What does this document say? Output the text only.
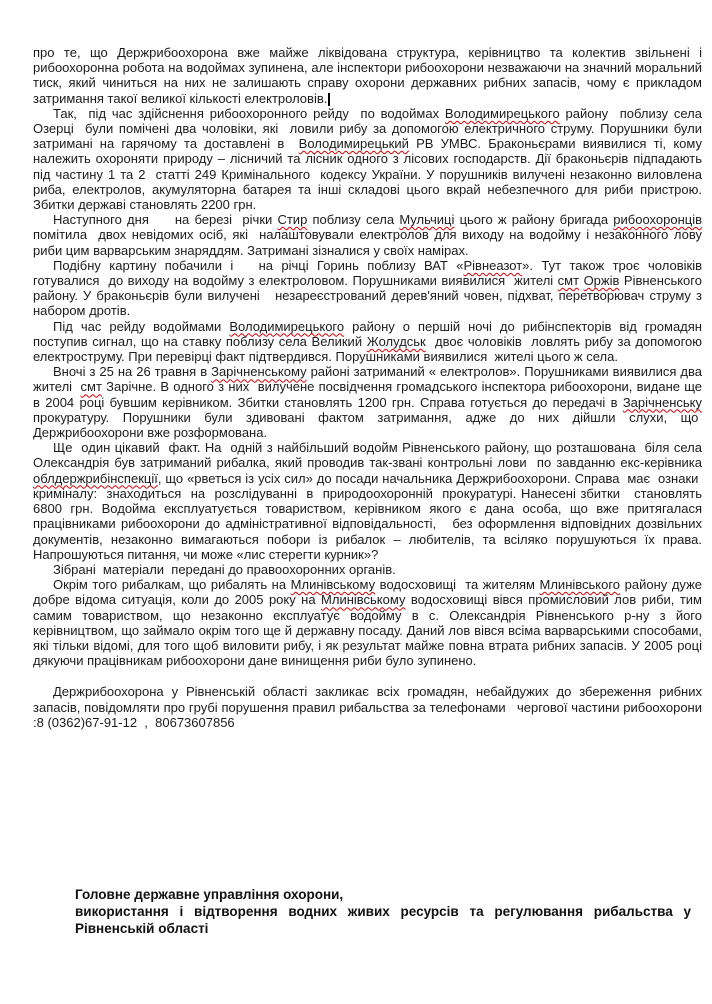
про те, що Держрибоохорона вже майже ліквідована структура, керівництво та колектив звільнені і рибоохоронна робота на водоймах зупинена, але інспектори рибоохорони незважаючи на значний моральний тиск, який чиниться на них не залишають справу охорони державних рибних запасів, чому є прикладом затримання такої великої кількості електроловів.

Так,  під час здійснення рибоохоронного рейду  по водоймах Володимирецького району  поблизу села Озерці  були помічені два чоловіки, які  ловили рибу за допомогою електричного струму. Порушники були затримані на гарячому та доставлені в  Володимирецький РВ УМВС. Браконьєрами виявилися ті, кому належить охороняти природу – лісничий та лісник одного з лісових господарств. Дії браконьєрів підпадають під частину 1 та 2  статті 249 Кримінального  кодексу України. У порушників вилучені незаконно виловлена риба, електролов, акумуляторна батарея та інші складові цього вкрай небезпечного для риби пристрою. Збитки державі становлять 2200 грн.

Наступного дня     на березі  річки Стир поблизу села Мульчиці цього ж району бригада рибоохоронців помітила  двох невідомих осіб, які  налаштовували електролов для виходу на водойму і незаконного лову риби цим варварським знаряддям. Затримані зізналися у своїх намірах.

Подібну картину побачили і   на річці Горинь поблизу ВАТ «Рівнеазот». Тут також троє чоловіків готувалися  до виходу на водойму з електроловом. Порушниками виявилися  жителі смт Оржів Рівненського району. У браконьєрів були вилучені   незареєстрований дерев'яний човен, підхват, перетворювач струму з набором дротів.

Під час рейду водоймами Володимирецького району о першій ночі до рибінспекторів від громадян поступив сигнал, що на ставку поблизу села Великий Жолудськ  двоє чоловіків  ловлять рибу за допомогою електроструму. При перевірці факт підтвердився. Порушниками виявилися  жителі цього ж села.

Вночі з 25 на 26 травня в Зарічненському районі затриманий « електролов». Порушниками виявилися два жителі  смт Зарічне. В одного з них  вилучене посвідчення громадського інспектора рибоохорони, видане ще в 2004 році бувшим керівником. Збитки становлять 1200 грн. Справа готується до передачі в Зарічненську прокуратуру. Порушники були здивовані фактом затримання, адже до них дійшли слухи, що  Держрибоохорони вже розформована.

Ще  один цікавий  факт. На  одній з найбільший водойм Рівненського району, що розташована  біля села Олександрія був затриманий рибалка, який проводив так-звані контрольні лови  по завданню екс-керівника облдержрибінспекції, що «рветься із усіх сил» до посади начальника Держрибоохорони. Справа  має  ознаки  криміналу:  знаходиться  на  розслідуванні  в  природоохоронній  прокуратурі. Нанесені збитки   становлять 6800 грн. Водойма експлуатується товариством, керівником якого є дана особа, що вже притягалася працівниками рибоохорони до адміністративної відповідальності,   без оформлення відповідних дозвільних документів, незаконно вимагаються побори із рибалок – любителів, та всіляко порушуються їх права. Напрошуються питання, чи може «лис стерегти курник»?

Зібрані  матеріали  передані до правоохоронних органів.

Окрім того рибалкам, що рибалять на Млинівському водосховищі  та жителям Млинівського району дуже добре відома ситуація, коли до 2005 року на Млинівському водосховищі вівся промисловий лов риби, тим самим товариством, що незаконно експлуатує водойму в с. Олександрія Рівненського р-ну з його керівництвом, що займало окрім того ще й державну посаду. Даний лов вівся всіма варварськими способами, які тільки відомі, для того щоб виловити рибу, і як результат майже повна втрата рибних запасів. У 2005 році дякуючи працівникам рибоохорони дане винищення риби було зупинено.

Держрибоохорона у Рівненській області закликає всіх громадян, небайдужих до збереження рибних запасів, повідомляти про грубі порушення правил рибальства за телефонами   чергової частини рибоохорони :8 (0362)67-91-12  ,  80673607856

Головне державне управління охорони,
використання і відтворення водних живих ресурсів та регулювання рибальства у Рівненській області
